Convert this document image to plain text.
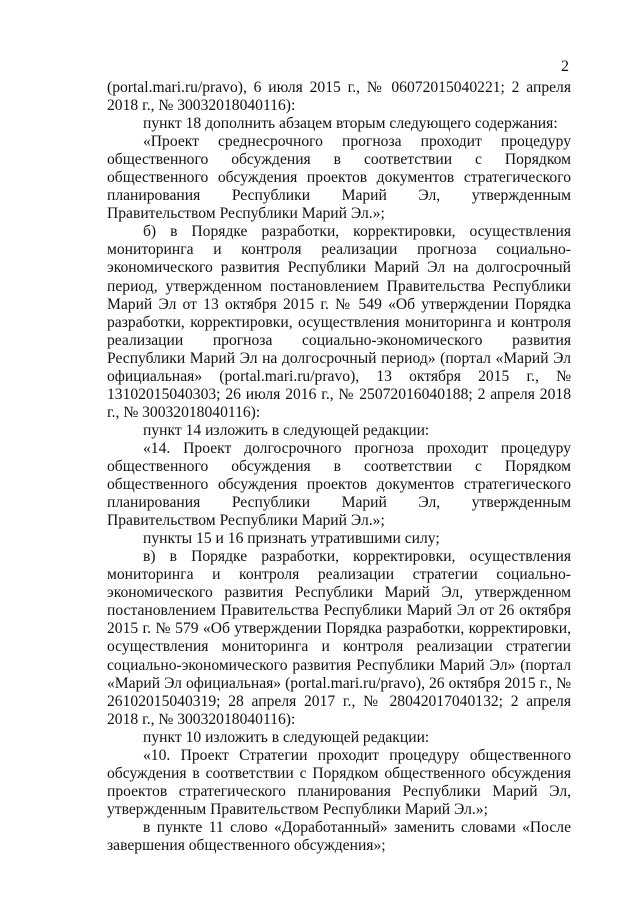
2

(portal.mari.ru/pravo), 6 июля 2015 г., № 06072015040221; 2 апреля 2018 г., № 30032018040116):

пункт 18 дополнить абзацем вторым следующего содержания:

«Проект среднесрочного прогноза проходит процедуру общественного обсуждения в соответствии с Порядком общественного обсуждения проектов документов стратегического планирования Республики Марий Эл, утвержденным Правительством Республики Марий Эл.»;

б) в Порядке разработки, корректировки, осуществления мониторинга и контроля реализации прогноза социально-экономического развития Республики Марий Эл на долгосрочный период, утвержденном постановлением Правительства Республики Марий Эл от 13 октября 2015 г. № 549 «Об утверждении Порядка разработки, корректировки, осуществления мониторинга и контроля реализации прогноза социально-экономического развития Республики Марий Эл на долгосрочный период» (портал «Марий Эл официальная» (portal.mari.ru/pravo), 13 октября 2015 г., № 13102015040303; 26 июля 2016 г., № 25072016040188; 2 апреля 2018 г., № 30032018040116):

пункт 14 изложить в следующей редакции:

«14. Проект долгосрочного прогноза проходит процедуру общественного обсуждения в соответствии с Порядком общественного обсуждения проектов документов стратегического планирования Республики Марий Эл, утвержденным Правительством Республики Марий Эл.»;

пункты 15 и 16 признать утратившими силу;

в) в Порядке разработки, корректировки, осуществления мониторинга и контроля реализации стратегии социально-экономического развития Республики Марий Эл, утвержденном постановлением Правительства Республики Марий Эл от 26 октября 2015 г. № 579 «Об утверждении Порядка разработки, корректировки, осуществления мониторинга и контроля реализации стратегии социально-экономического развития Республики Марий Эл» (портал «Марий Эл официальная» (portal.mari.ru/pravo), 26 октября 2015 г., № 26102015040319; 28 апреля 2017 г., № 28042017040132; 2 апреля 2018 г., № 30032018040116):

пункт 10 изложить в следующей редакции:

«10. Проект Стратегии проходит процедуру общественного обсуждения в соответствии с Порядком общественного обсуждения проектов стратегического планирования Республики Марий Эл, утвержденным Правительством Республики Марий Эл.»;

в пункте 11 слово «Доработанный» заменить словами «После завершения общественного обсуждения»;
